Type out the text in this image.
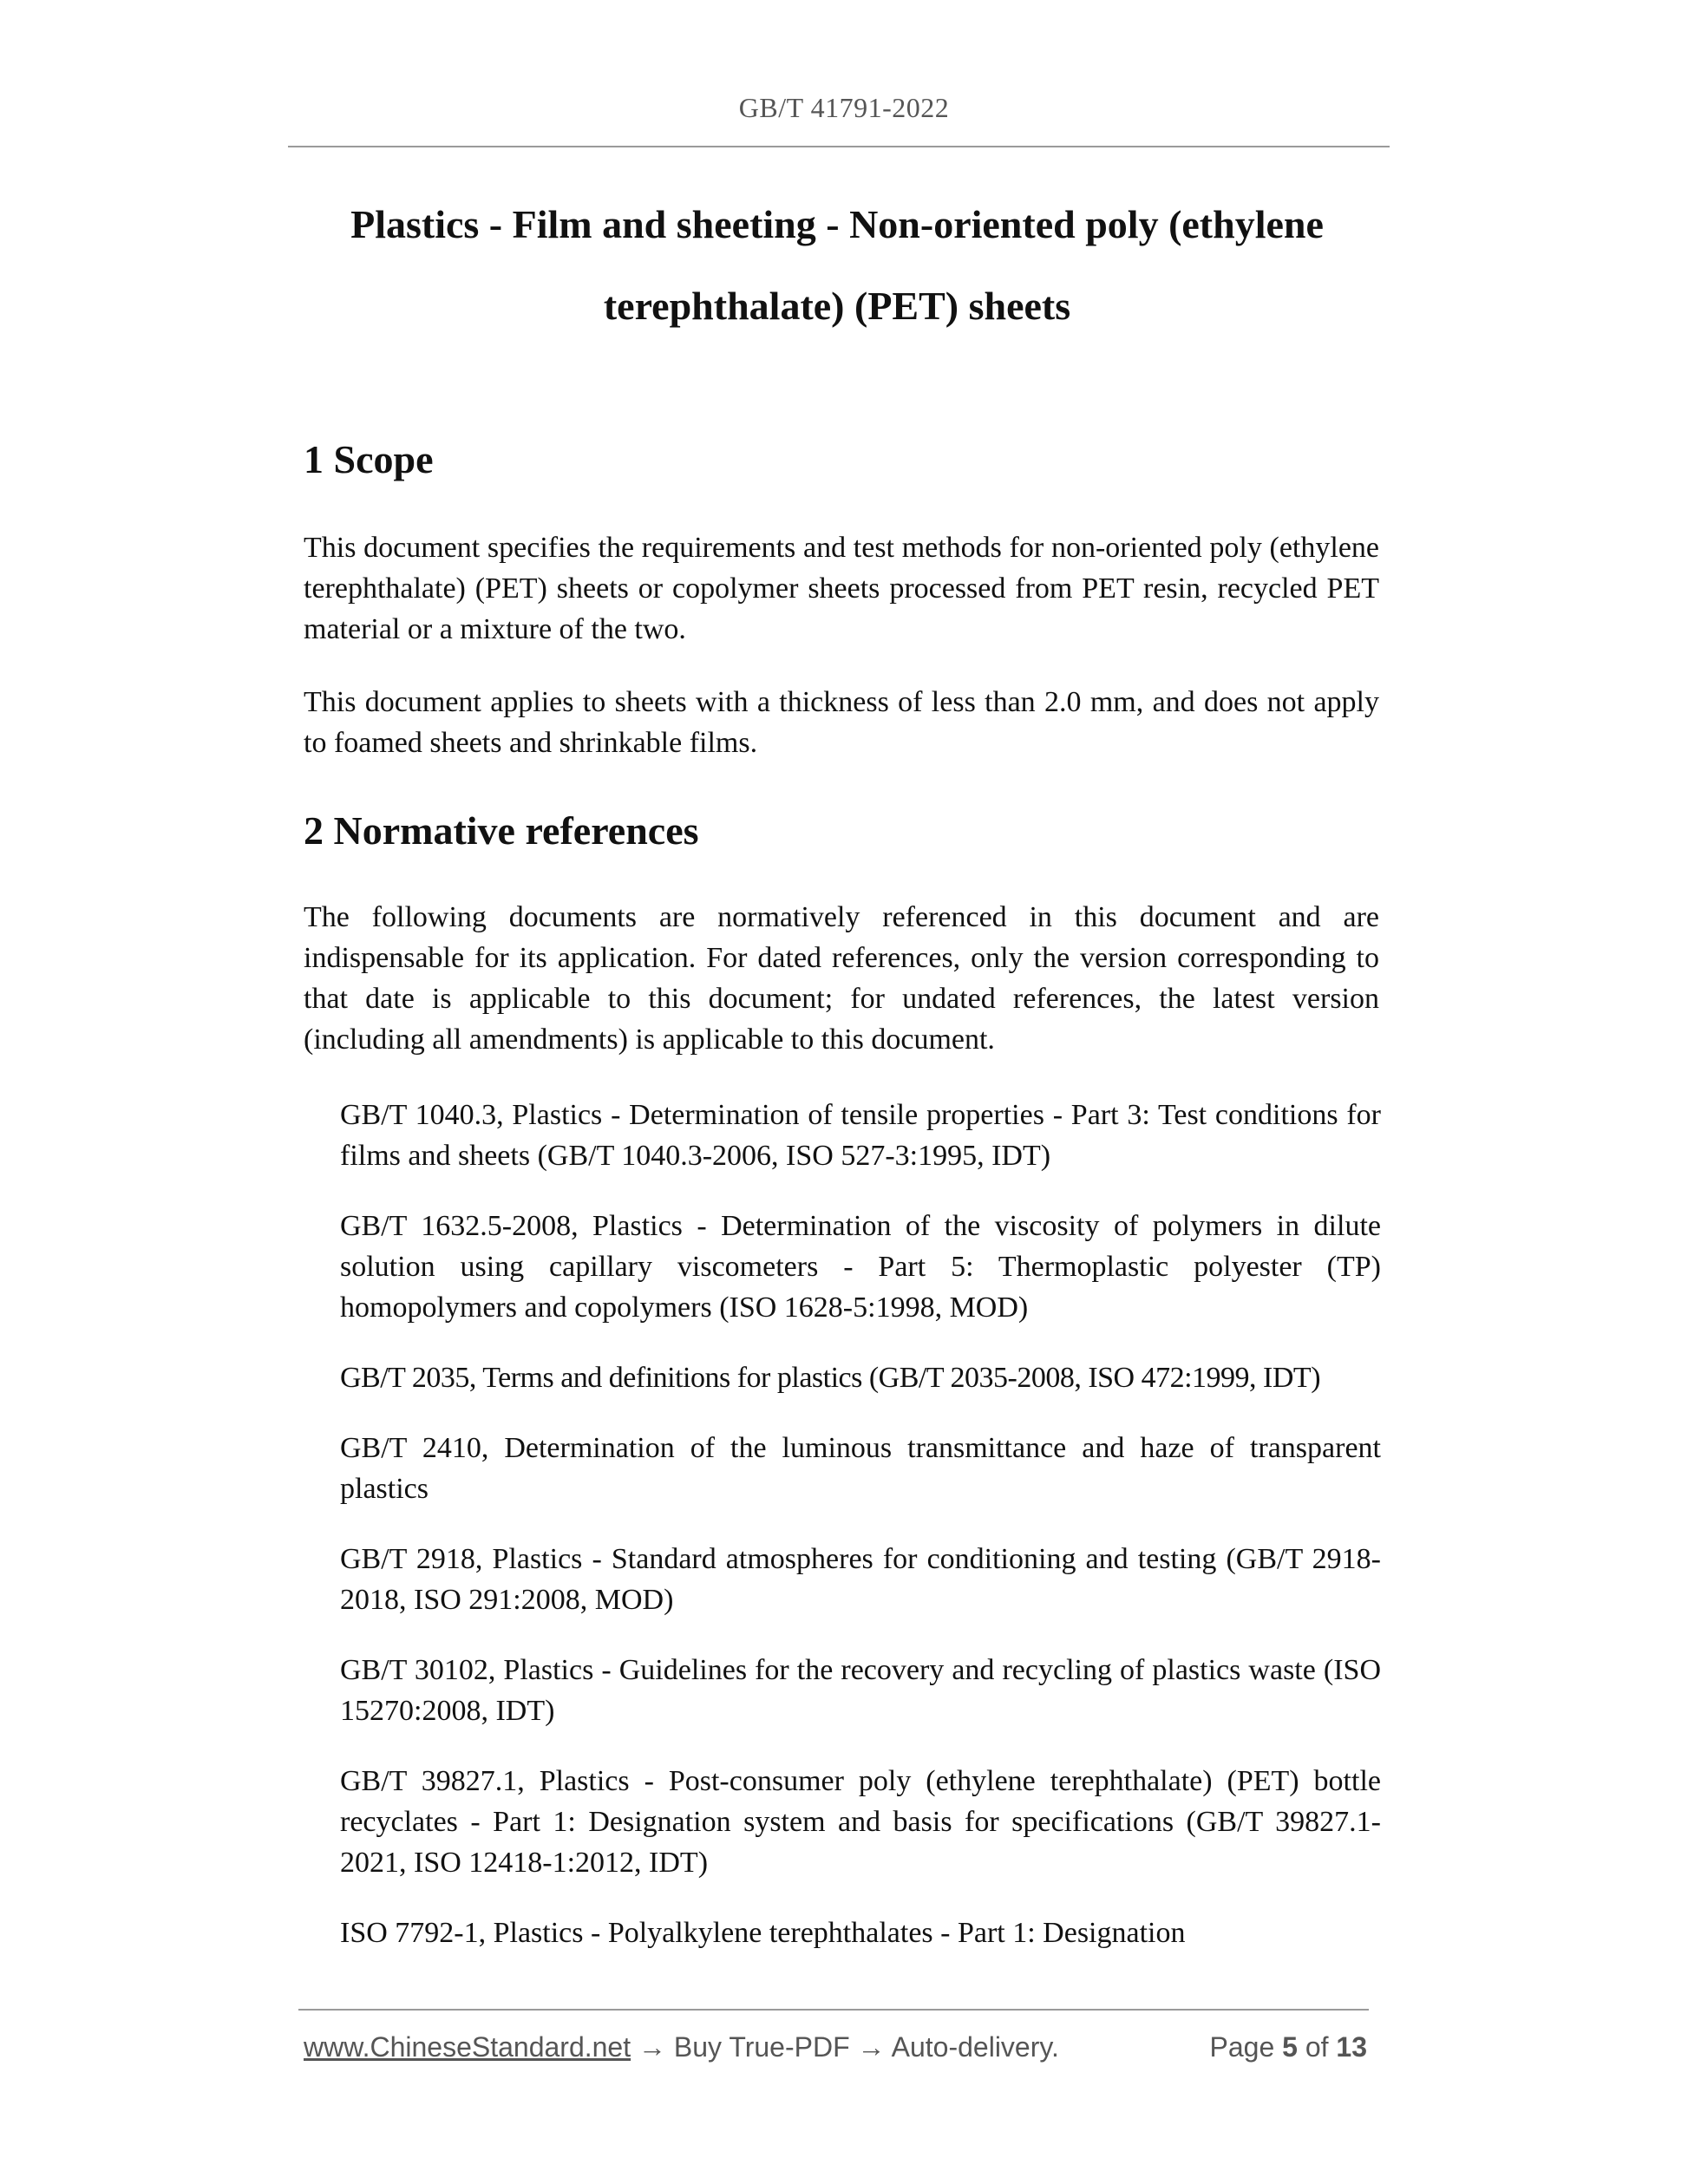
GB/T 41791-2022
Plastics - Film and sheeting - Non-oriented poly (ethylene
terephthalate) (PET) sheets
1 Scope
This document specifies the requirements and test methods for non-oriented poly (ethylene terephthalate) (PET) sheets or copolymer sheets processed from PET resin, recycled PET material or a mixture of the two.
This document applies to sheets with a thickness of less than 2.0 mm, and does not apply to foamed sheets and shrinkable films.
2 Normative references
The following documents are normatively referenced in this document and are indispensable for its application. For dated references, only the version corresponding to that date is applicable to this document; for undated references, the latest version (including all amendments) is applicable to this document.
GB/T 1040.3, Plastics - Determination of tensile properties - Part 3: Test conditions for films and sheets (GB/T 1040.3-2006, ISO 527-3:1995, IDT)
GB/T 1632.5-2008, Plastics - Determination of the viscosity of polymers in dilute solution using capillary viscometers - Part 5: Thermoplastic polyester (TP) homopolymers and copolymers (ISO 1628-5:1998, MOD)
GB/T 2035, Terms and definitions for plastics (GB/T 2035-2008, ISO 472:1999, IDT)
GB/T 2410, Determination of the luminous transmittance and haze of transparent plastics
GB/T 2918, Plastics - Standard atmospheres for conditioning and testing (GB/T 2918-2018, ISO 291:2008, MOD)
GB/T 30102, Plastics - Guidelines for the recovery and recycling of plastics waste (ISO 15270:2008, IDT)
GB/T 39827.1, Plastics - Post-consumer poly (ethylene terephthalate) (PET) bottle recyclates - Part 1: Designation system and basis for specifications (GB/T 39827.1-2021, ISO 12418-1:2012, IDT)
ISO 7792-1, Plastics - Polyalkylene terephthalates - Part 1: Designation
www.ChineseStandard.net → Buy True-PDF → Auto-delivery.	Page 5 of 13
